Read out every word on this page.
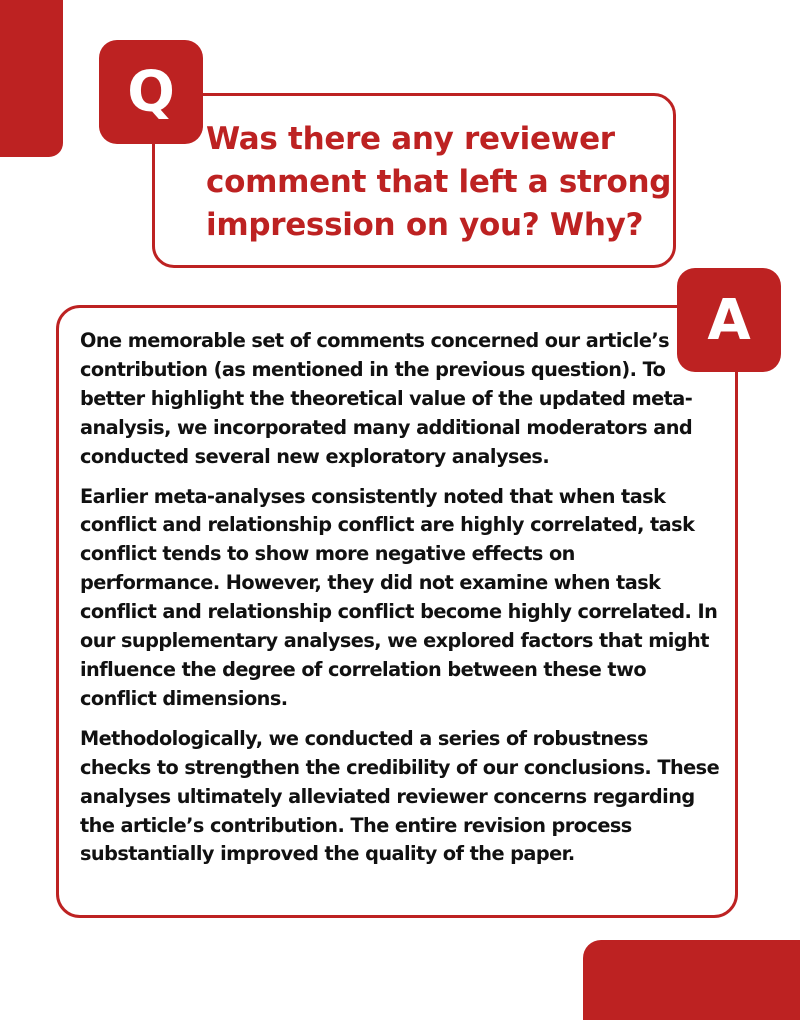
Q
Was there any reviewer comment that left a strong impression on you? Why?
A

One memorable set of comments concerned our article’s contribution (as mentioned in the previous question). To better highlight the theoretical value of the updated meta-analysis, we incorporated many additional moderators and conducted several new exploratory analyses.

Earlier meta-analyses consistently noted that when task conflict and relationship conflict are highly correlated, task conflict tends to show more negative effects on performance. However, they did not examine when task conflict and relationship conflict become highly correlated. In our supplementary analyses, we explored factors that might influence the degree of correlation between these two conflict dimensions.

Methodologically, we conducted a series of robustness checks to strengthen the credibility of our conclusions. These analyses ultimately alleviated reviewer concerns regarding the article’s contribution. The entire revision process substantially improved the quality of the paper.
